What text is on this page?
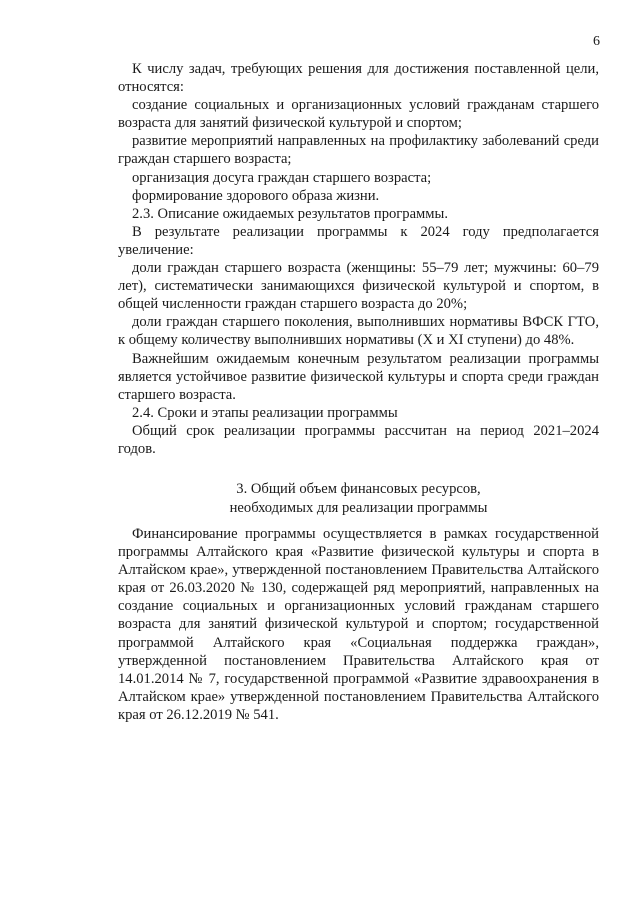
6

К числу задач, требующих решения для достижения поставленной цели, относятся:

создание социальных и организационных условий гражданам старшего возраста для занятий физической культурой и спортом;

развитие мероприятий направленных на профилактику заболеваний среди граждан старшего возраста;

организация досуга граждан старшего возраста;

формирование здорового образа жизни.

2.3. Описание ожидаемых результатов программы.

В результате реализации программы к 2024 году предполагается увеличение:

доли граждан старшего возраста (женщины: 55–79 лет; мужчины: 60–79 лет), систематически занимающихся физической культурой и спортом, в общей численности граждан старшего возраста до 20%;

доли граждан старшего поколения, выполнивших нормативы ВФСК ГТО, к общему количеству выполнивших нормативы (X и XI ступени) до 48%.

Важнейшим ожидаемым конечным результатом реализации программы является устойчивое развитие физической культуры и спорта среди граждан старшего возраста.

2.4. Сроки и этапы реализации программы

Общий срок реализации программы рассчитан на период 2021–2024 годов.

3. Общий объем финансовых ресурсов,

необходимых для реализации программы

Финансирование программы осуществляется в рамках государственной программы Алтайского края «Развитие физической культуры и спорта в Алтайском крае», утвержденной постановлением Правительства Алтайского края от 26.03.2020 № 130, содержащей ряд мероприятий, направленных на создание социальных и организационных условий гражданам старшего возраста для занятий физической культурой и спортом; государственной программой Алтайского края «Социальная поддержка граждан», утвержденной постановлением Правительства Алтайского края от 14.01.2014 № 7, государственной программой «Развитие здравоохранения в Алтайском крае» утвержденной постановлением Правительства Алтайского края от 26.12.2019 № 541.
